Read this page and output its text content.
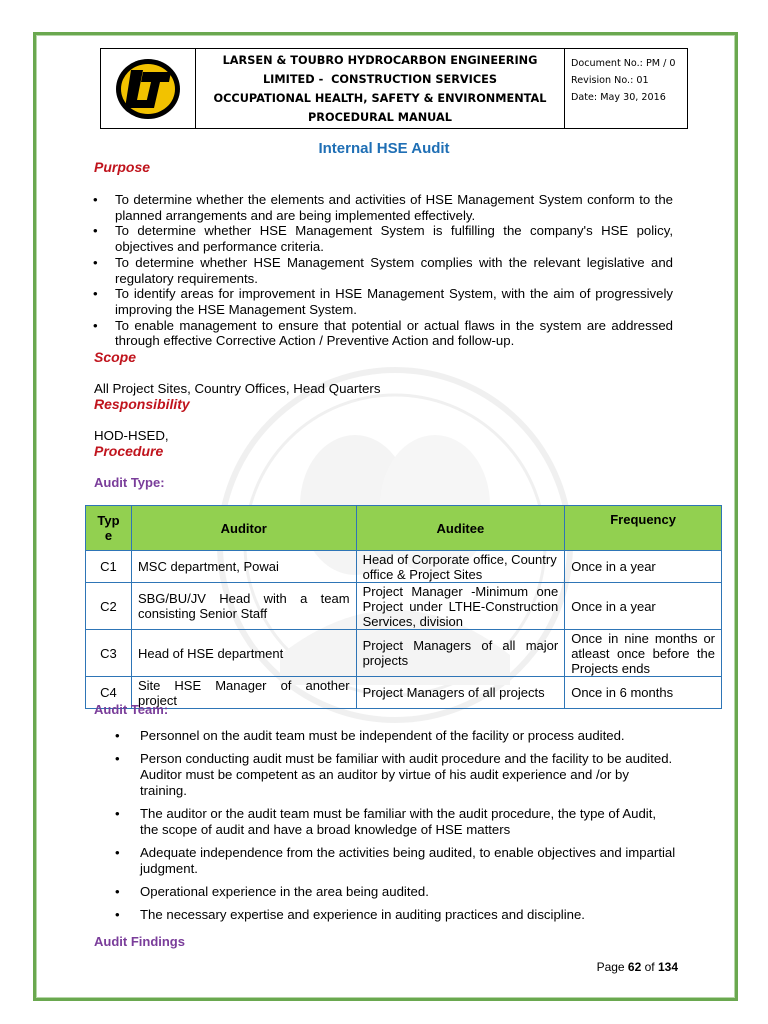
LARSEN & TOUBRO HYDROCARBON ENGINEERING
LIMITED -  CONSTRUCTION SERVICES
OCCUPATIONAL HEALTH, SAFETY & ENVIRONMENTAL
PROCEDURAL MANUAL
Document No.: PM / 0
Revision No.: 01
Date: May 30, 2016
Internal HSE Audit
Purpose
• To determine whether the elements and activities of HSE Management System conform to the planned arrangements and are being implemented effectively.
• To determine whether HSE Management System is fulfilling the company's HSE policy, objectives and performance criteria.
• To determine whether HSE Management System complies with the relevant legislative and regulatory requirements.
• To identify areas for improvement in HSE Management System, with the aim of progressively improving the HSE Management System.
• To enable management to ensure that potential or actual flaws in the system are addressed through effective Corrective Action / Preventive Action and follow-up.
Scope
All Project Sites, Country Offices, Head Quarters
Responsibility
HOD-HSED,
Procedure
Audit Type:
Typ
e	Auditor	Auditee	Frequency
C1	MSC department, Powai	Head of Corporate office, Country office & Project Sites	Once in a year
C2	SBG/BU/JV Head with a team consisting Senior Staff	Project Manager -Minimum one Project under LTHE-Construction Services, division	Once in a year
C3	Head of HSE department	Project Managers of all major projects	Once in nine months or atleast once before the Projects ends
C4	Site HSE Manager of another project	Project Managers of all projects	Once in 6 months
Audit Team:
• Personnel on the audit team must be independent of the facility or process audited.
• Person conducting audit must be familiar with audit procedure and the facility to be audited. Auditor must be competent as an auditor by virtue of his audit experience and /or by training.
• The auditor or the audit team must be familiar with the audit procedure, the type of Audit, the scope of audit and have a broad knowledge of HSE matters
• Adequate independence from the activities being audited, to enable objectives and impartial judgment.
• Operational experience in the area being audited.
• The necessary expertise and experience in auditing practices and discipline.
Audit Findings
Page 62 of 134
